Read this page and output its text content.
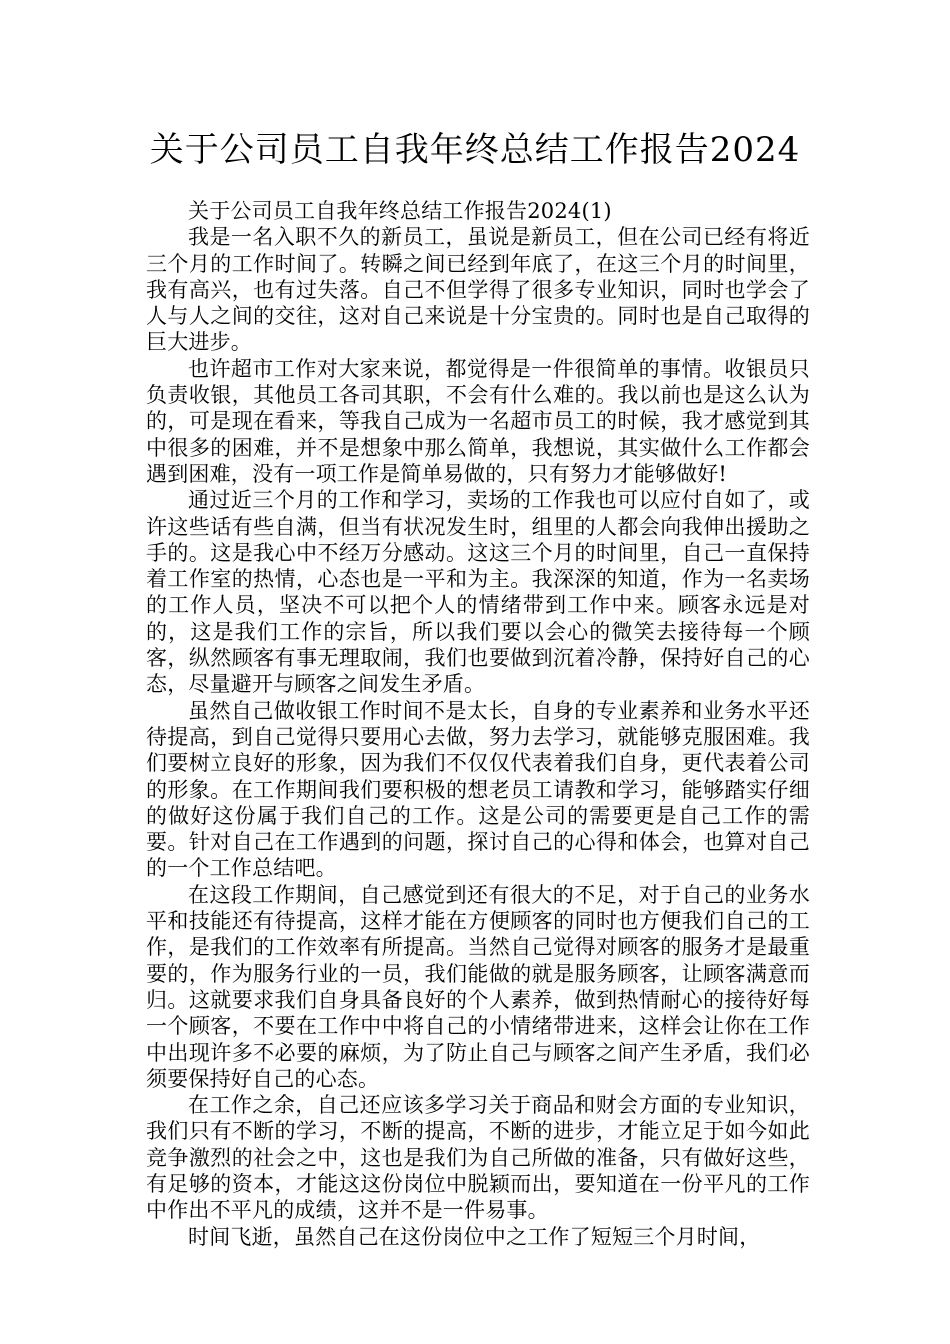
关于公司员工自我年终总结工作报告2024

关于公司员工自我年终总结工作报告2024(1)

我是一名入职不久的新员工，虽说是新员工，但在公司已经有将近三个月的工作时间了。转瞬之间已经到年底了，在这三个月的时间里，我有高兴，也有过失落。自己不但学得了很多专业知识，同时也学会了人与人之间的交往，这对自己来说是十分宝贵的。同时也是自己取得的巨大进步。

也许超市工作对大家来说，都觉得是一件很简单的事情。收银员只负责收银，其他员工各司其职，不会有什么难的。我以前也是这么认为的，可是现在看来，等我自己成为一名超市员工的时候，我才感觉到其中很多的困难，并不是想象中那么简单，我想说，其实做什么工作都会遇到困难，没有一项工作是简单易做的，只有努力才能够做好!

通过近三个月的工作和学习，卖场的工作我也可以应付自如了，或许这些话有些自满，但当有状况发生时，组里的人都会向我伸出援助之手的。这是我心中不经万分感动。这这三个月的时间里，自己一直保持着工作室的热情，心态也是一平和为主。我深深的知道，作为一名卖场的工作人员，坚决不可以把个人的情绪带到工作中来。顾客永远是对的，这是我们工作的宗旨，所以我们要以会心的微笑去接待每一个顾客，纵然顾客有事无理取闹，我们也要做到沉着冷静，保持好自己的心态，尽量避开与顾客之间发生矛盾。

虽然自己做收银工作时间不是太长，自身的专业素养和业务水平还待提高，到自己觉得只要用心去做，努力去学习，就能够克服困难。我们要树立良好的形象，因为我们不仅仅代表着我们自身，更代表着公司的形象。在工作期间我们要积极的想老员工请教和学习，能够踏实仔细的做好这份属于我们自己的工作。这是公司的需要更是自己工作的需要。针对自己在工作遇到的问题，探讨自己的心得和体会，也算对自己的一个工作总结吧。

在这段工作期间，自己感觉到还有很大的不足，对于自己的业务水平和技能还有待提高，这样才能在方便顾客的同时也方便我们自己的工作，是我们的工作效率有所提高。当然自己觉得对顾客的服务才是最重要的，作为服务行业的一员，我们能做的就是服务顾客，让顾客满意而归。这就要求我们自身具备良好的个人素养，做到热情耐心的接待好每一个顾客，不要在工作中中将自己的小情绪带进来，这样会让你在工作中出现许多不必要的麻烦，为了防止自己与顾客之间产生矛盾，我们必须要保持好自己的心态。

在工作之余，自己还应该多学习关于商品和财会方面的专业知识，我们只有不断的学习，不断的提高，不断的进步，才能立足于如今如此竞争激烈的社会之中，这也是我们为自己所做的准备，只有做好这些，有足够的资本，才能这这份岗位中脱颖而出，要知道在一份平凡的工作中作出不平凡的成绩，这并不是一件易事。

时间飞逝，虽然自己在这份岗位中之工作了短短三个月时间，
